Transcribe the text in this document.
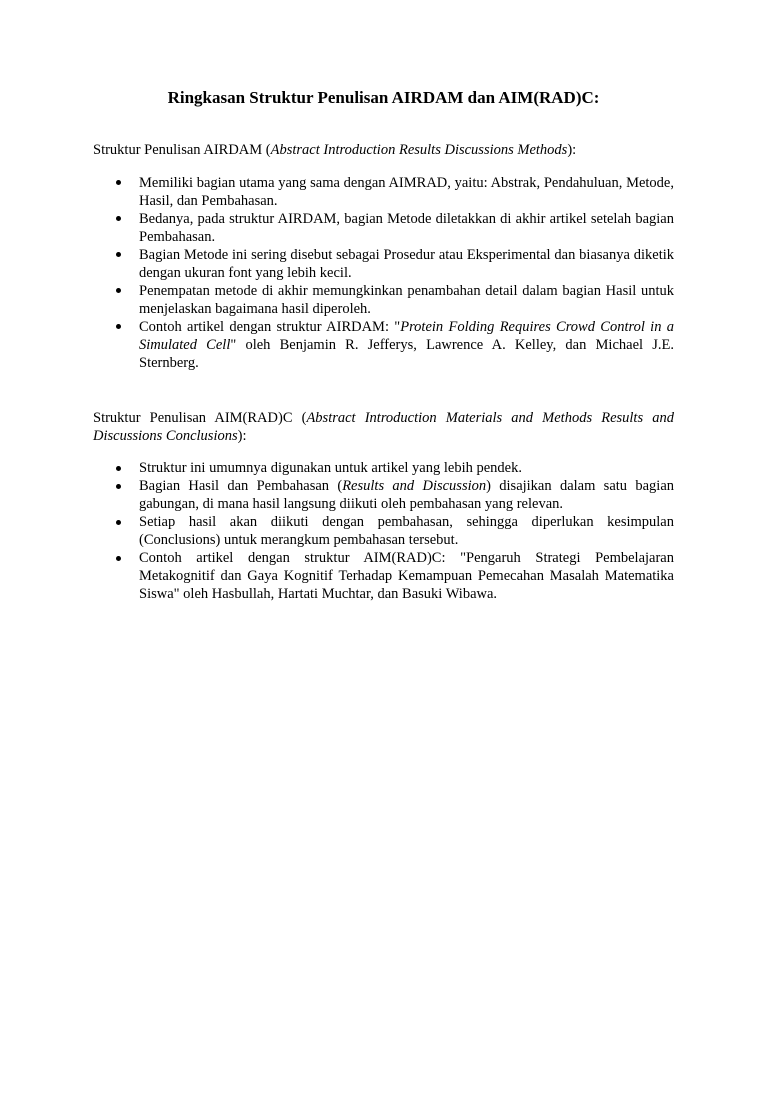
Ringkasan Struktur Penulisan AIRDAM dan AIM(RAD)C:

Struktur Penulisan AIRDAM (Abstract Introduction Results Discussions Methods):

Memiliki bagian utama yang sama dengan AIMRAD, yaitu: Abstrak, Pendahuluan, Metode, Hasil, dan Pembahasan.
Bedanya, pada struktur AIRDAM, bagian Metode diletakkan di akhir artikel setelah bagian Pembahasan.
Bagian Metode ini sering disebut sebagai Prosedur atau Eksperimental dan biasanya diketik dengan ukuran font yang lebih kecil.
Penempatan metode di akhir memungkinkan penambahan detail dalam bagian Hasil untuk menjelaskan bagaimana hasil diperoleh.
Contoh artikel dengan struktur AIRDAM: "Protein Folding Requires Crowd Control in a Simulated Cell" oleh Benjamin R. Jefferys, Lawrence A. Kelley, dan Michael J.E. Sternberg.

Struktur Penulisan AIM(RAD)C (Abstract Introduction Materials and Methods Results and Discussions Conclusions):

Struktur ini umumnya digunakan untuk artikel yang lebih pendek.
Bagian Hasil dan Pembahasan (Results and Discussion) disajikan dalam satu bagian gabungan, di mana hasil langsung diikuti oleh pembahasan yang relevan.
Setiap hasil akan diikuti dengan pembahasan, sehingga diperlukan kesimpulan (Conclusions) untuk merangkum pembahasan tersebut.
Contoh artikel dengan struktur AIM(RAD)C: "Pengaruh Strategi Pembelajaran Metakognitif dan Gaya Kognitif Terhadap Kemampuan Pemecahan Masalah Matematika Siswa" oleh Hasbullah, Hartati Muchtar, dan Basuki Wibawa.
